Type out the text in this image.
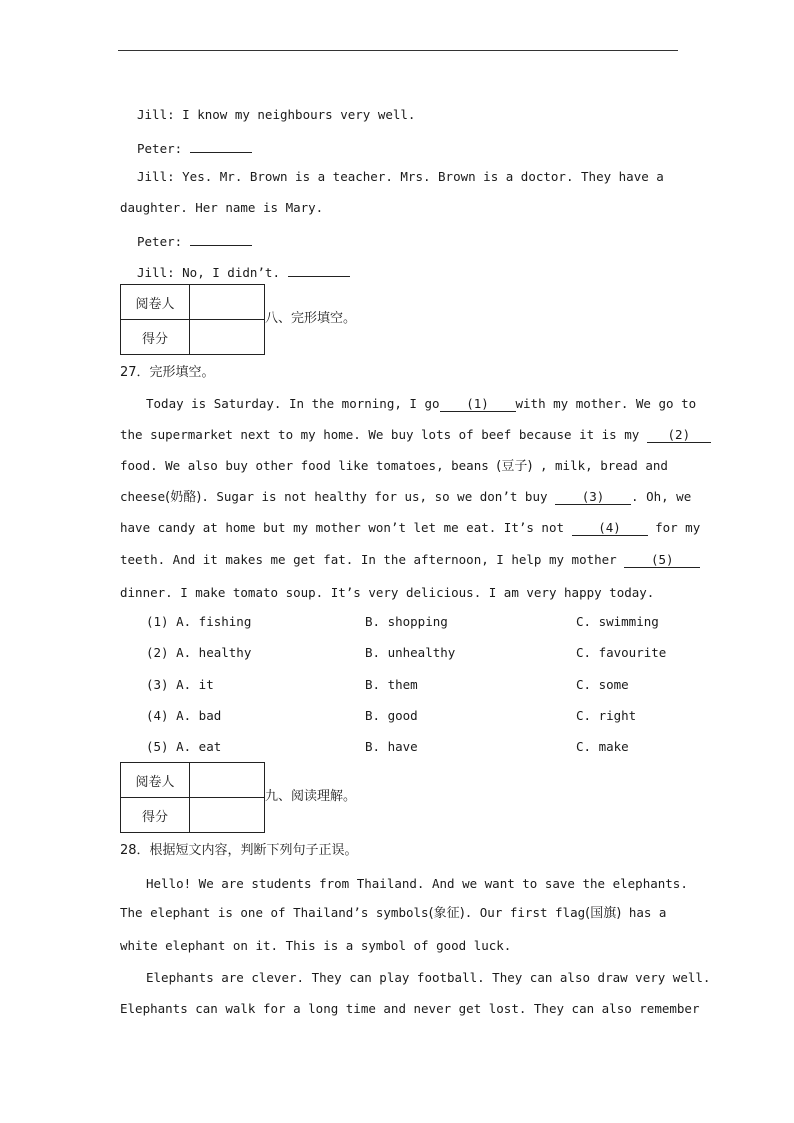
Jill: I know my neighbours very well.
Peter:
Jill: Yes. Mr. Brown is a teacher. Mrs. Brown is a doctor. They have a
daughter. Her name is Mary.
Peter:
Jill: No, I didn’t.
阅卷人	
得分	
八、完形填空。
27．完形填空。
Today is Saturday. In the morning, I go (1) with my mother. We go to
the supermarket next to my home. We buy lots of beef because it is my (2)
food. We also buy other food like tomatoes, beans (豆子) , milk, bread and
cheese(奶酪). Sugar is not healthy for us, so we don’t buy	(3) . Oh, we
have candy at home but my mother won’t let me eat. It’s not	(4)	for my
teeth. And it makes me get fat. In the afternoon, I help my mother	(5)
dinner. I make tomato soup. It’s very delicious. I am very happy today.
(1) A. fishing	B. shopping	C. swimming
(2) A. healthy	B. unhealthy	C. favourite
(3) A. it	B. them	C. some
(4) A. bad	B. good	C. right
(5) A. eat	B. have	C. make
阅卷人	
得分	
九、阅读理解。
28．根据短文内容，判断下列句子正误。
Hello! We are students from Thailand. And we want to save the elephants.
The elephant is one of Thailand’s symbols(象征). Our first flag(国旗) has a
white elephant on it. This is a symbol of good luck.
Elephants are clever. They can play football. They can also draw very well.
Elephants can walk for a long time and never get lost. They can also remember
